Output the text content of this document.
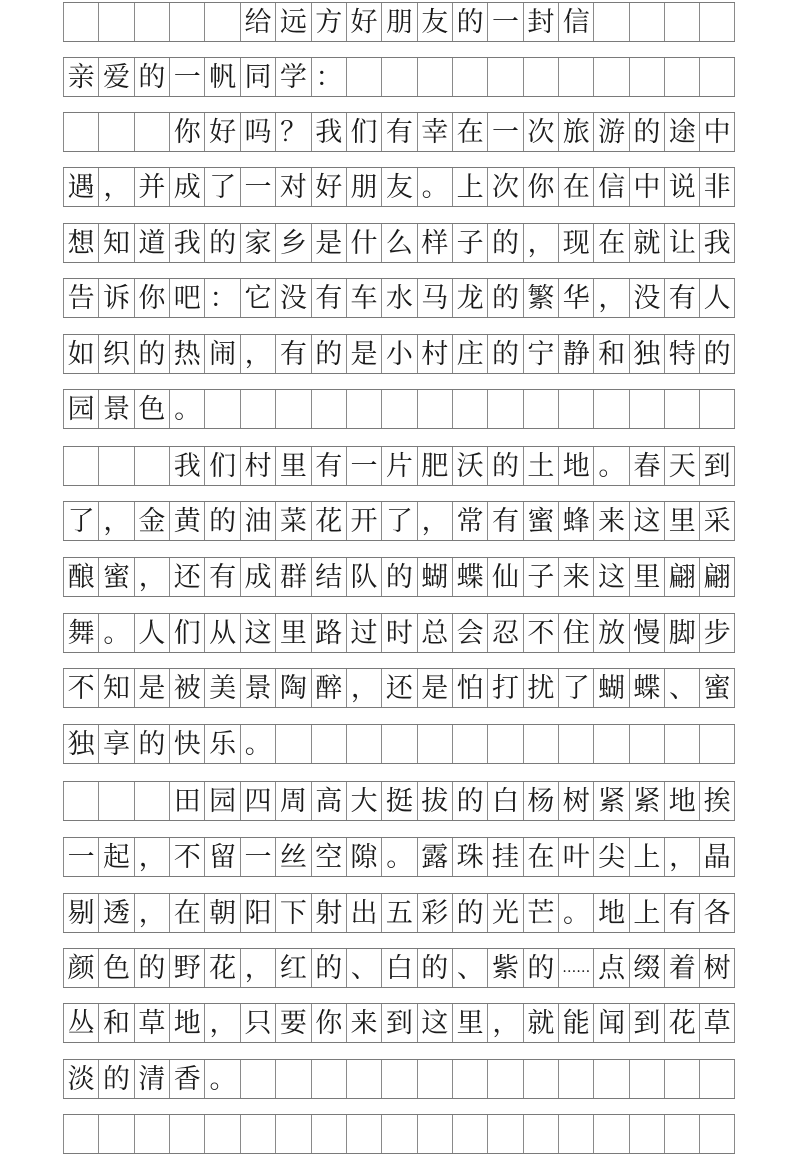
给 远 方 好 朋 友 的 一 封 信
亲 爱 的 一 帆 同 学 ：
你 好 吗 ？ 我 们 有 幸 在 一 次 旅 游 的 途 中
遇 ， 并 成 了 一 对 好 朋 友 。 上 次 你 在 信 中 说 非
想 知 道 我 的 家 乡 是 什 么 样 子 的 ， 现 在 就 让 我
告 诉 你 吧 ： 它 没 有 车 水 马 龙 的 繁 华 ， 没 有 人
如 织 的 热 闹 ， 有 的 是 小 村 庄 的 宁 静 和 独 特 的
园 景 色 。
我 们 村 里 有 一 片 肥 沃 的 土 地 。 春 天 到
了 ， 金 黄 的 油 菜 花 开 了 ， 常 有 蜜 蜂 来 这 里 采
酿 蜜 ， 还 有 成 群 结 队 的 蝴 蝶 仙 子 来 这 里 翩 翩
舞 。 人 们 从 这 里 路 过 时 总 会 忍 不 住 放 慢 脚 步
不 知 是 被 美 景 陶 醉 ， 还 是 怕 打 扰 了 蝴 蝶 、 蜜
独 享 的 快 乐 。
田 园 四 周 高 大 挺 拔 的 白 杨 树 紧 紧 地 挨
一 起 ， 不 留 一 丝 空 隙 。 露 珠 挂 在 叶 尖 上 ， 晶
剔 透 ， 在 朝 阳 下 射 出 五 彩 的 光 芒 。 地 上 有 各
颜 色 的 野 花 ， 红 的 、 白 的 、 紫 的 …… 点 缀 着 树
丛 和 草 地 ， 只 要 你 来 到 这 里 ， 就 能 闻 到 花 草
淡 的 清 香 。
